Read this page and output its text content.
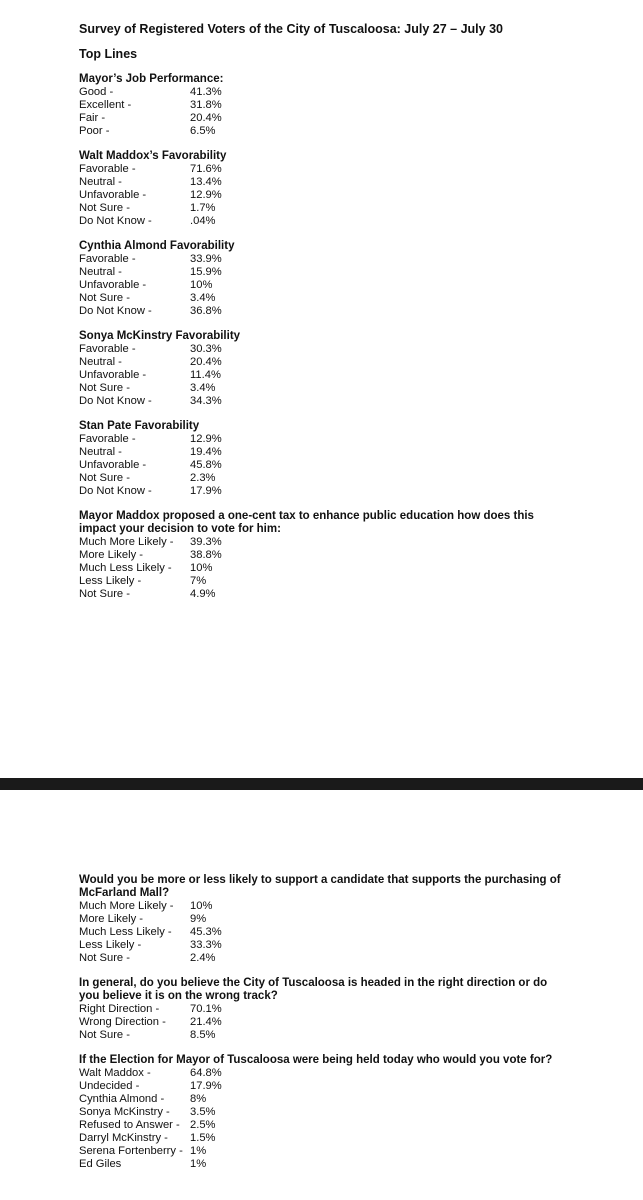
Survey of Registered Voters of the City of Tuscaloosa: July 27 – July 30
Top Lines
Mayor’s Job Performance:
Good -	41.3%
Excellent -	31.8%
Fair -	20.4%
Poor -	6.5%
Walt Maddox’s Favorability
Favorable -	71.6%
Neutral -	13.4%
Unfavorable -	12.9%
Not Sure -	1.7%
Do Not Know -	.04%
Cynthia Almond Favorability
Favorable -	33.9%
Neutral -	15.9%
Unfavorable -	10%
Not Sure -	3.4%
Do Not Know -	36.8%
Sonya McKinstry Favorability
Favorable -	30.3%
Neutral -	20.4%
Unfavorable -	11.4%
Not Sure -	3.4%
Do Not Know -	34.3%
Stan Pate Favorability
Favorable -	12.9%
Neutral -	19.4%
Unfavorable -	45.8%
Not Sure -	2.3%
Do Not Know -	17.9%
Mayor Maddox proposed a one-cent tax to enhance public education how does this impact your decision to vote for him:
Much More Likely -	39.3%
More Likely -	38.8%
Much Less Likely -	10%
Less Likely -	7%
Not Sure -	4.9%
Would you be more or less likely to support a candidate that supports the purchasing of McFarland Mall?
Much More Likely -	10%
More Likely -	9%
Much Less Likely -	45.3%
Less Likely -	33.3%
Not Sure -	2.4%
In general, do you believe the City of Tuscaloosa is headed in the right direction or do you believe it is on the wrong track?
Right Direction -	70.1%
Wrong Direction -	21.4%
Not Sure -	8.5%
If the Election for Mayor of Tuscaloosa were being held today who would you vote for?
Walt Maddox -	64.8%
Undecided -	17.9%
Cynthia Almond -	8%
Sonya McKinstry -	3.5%
Refused to Answer - 2.5%
Darryl McKinstry -	1.5%
Serena Fortenberry - 1%
Ed Giles	1%
